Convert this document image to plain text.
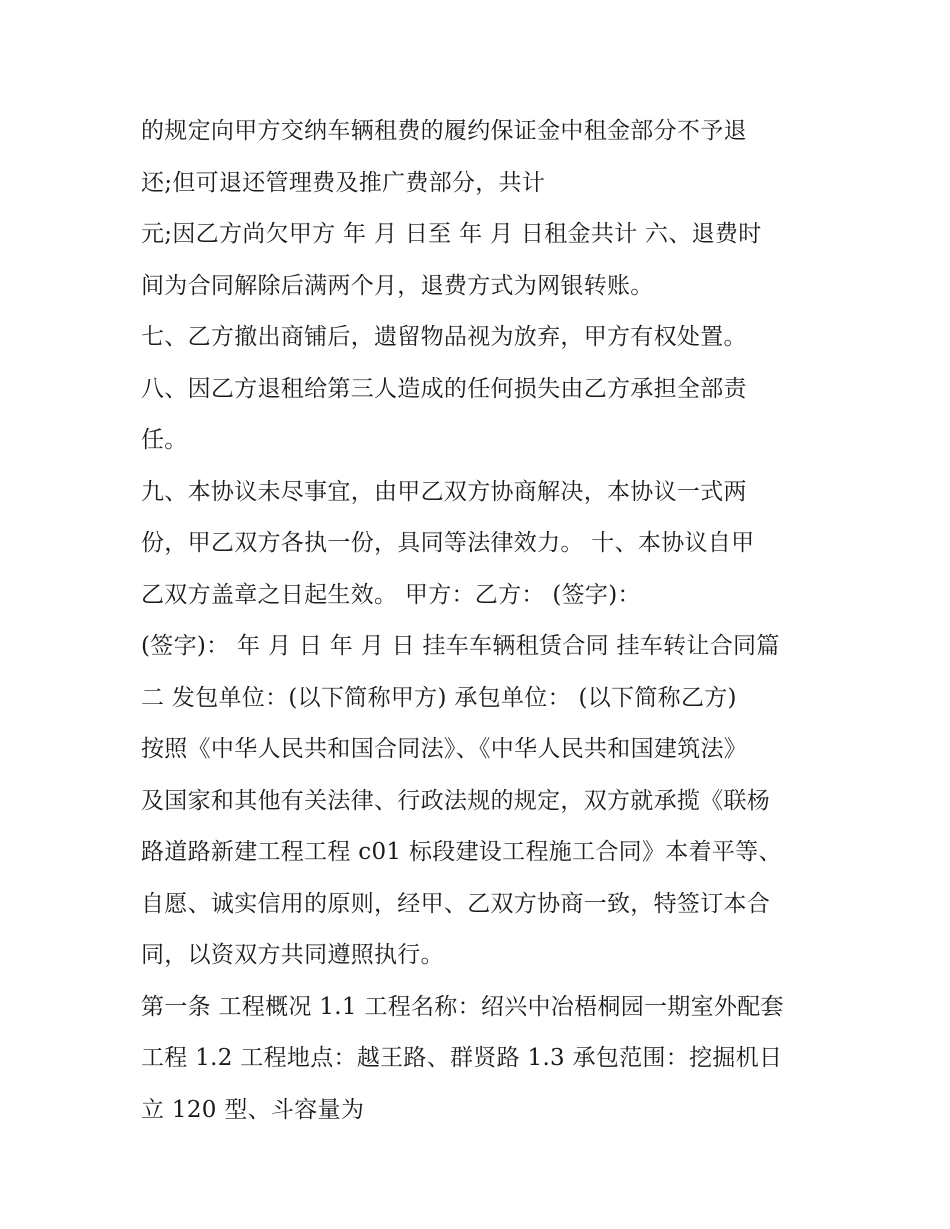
的规定向甲方交纳车辆租费的履约保证金中租金部分不予退
还;但可退还管理费及推广费部分，共计
元;因乙方尚欠甲方 年 月 日至 年 月 日租金共计 六、退费时
间为合同解除后满两个月，退费方式为网银转账。
七、乙方撤出商铺后，遗留物品视为放弃，甲方有权处置。
八、因乙方退租给第三人造成的任何损失由乙方承担全部责
任。
九、本协议未尽事宜，由甲乙双方协商解决，本协议一式两
份，甲乙双方各执一份，具同等法律效力。 十、本协议自甲
乙双方盖章之日起生效。 甲方：乙方： (签字)：
(签字)： 年 月 日 年 月 日 挂车车辆租赁合同 挂车转让合同篇
二 发包单位：(以下简称甲方) 承包单位： (以下简称乙方)
按照《中华人民共和国合同法》、《中华人民共和国建筑法》
及国家和其他有关法律、行政法规的规定，双方就承揽《联杨
路道路新建工程工程 c01 标段建设工程施工合同》本着平等、
自愿、诚实信用的原则，经甲、乙双方协商一致，特签订本合
同，以资双方共同遵照执行。
第一条 工程概况 1.1 工程名称：绍兴中冶梧桐园一期室外配套
工程 1.2 工程地点：越王路、群贤路 1.3 承包范围：挖掘机日
立 120 型、斗容量为
